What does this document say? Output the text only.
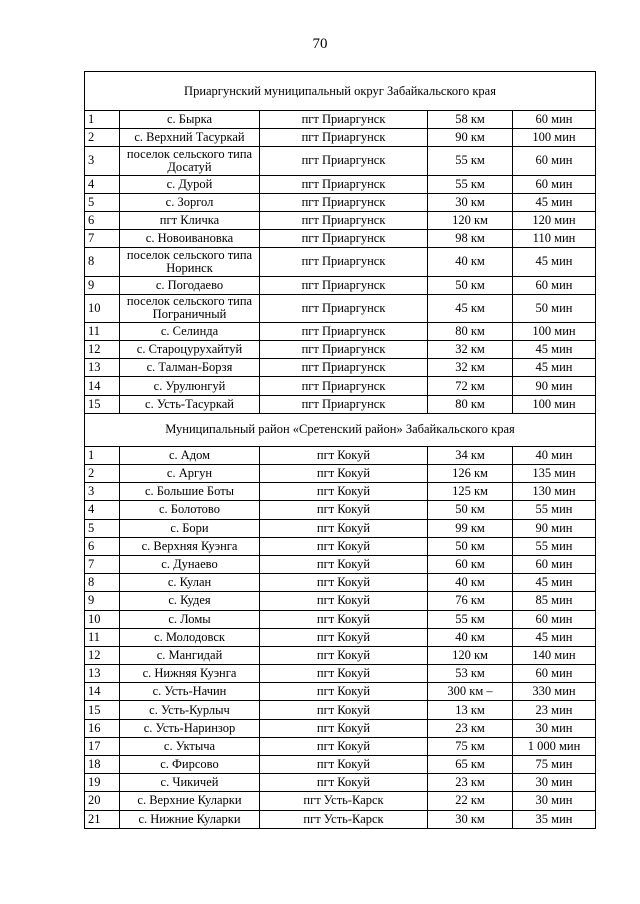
70
Приаргунский муниципальный округ Забайкальского края				
1	с. Бырка	пгт Приаргунск	58 км	60 мин
2	с. Верхний Тасуркай	пгт Приаргунск	90 км	100 мин
3	поселок сельского типа Досатуй	пгт Приаргунск	55 км	60 мин
4	с. Дурой	пгт Приаргунск	55 км	60 мин
5	с. Зоргол	пгт Приаргунск	30 км	45 мин
6	пгт Кличка	пгт Приаргунск	120 км	120 мин
7	с. Новоивановка	пгт Приаргунск	98 км	110 мин
8	поселок сельского типа Норинск	пгт Приаргунск	40 км	45 мин
9	с. Погодаево	пгт Приаргунск	50 км	60 мин
10	поселок сельского типа Пограничный	пгт Приаргунск	45 км	50 мин
11	с. Селинда	пгт Приаргунск	80 км	100 мин
12	с. Староцурухайтуй	пгт Приаргунск	32 км	45 мин
13	с. Талман-Борзя	пгт Приаргунск	32 км	45 мин
14	с. Урулюнгуй	пгт Приаргунск	72 км	90 мин
15	с. Усть-Тасуркай	пгт Приаргунск	80 км	100 мин
Муниципальный район «Сретенский район» Забайкальского края				
1	с. Адом	пгт Кокуй	34 км	40 мин
2	с. Аргун	пгт Кокуй	126 км	135 мин
3	с. Большие Боты	пгт Кокуй	125 км	130 мин
4	с. Болотово	пгт Кокуй	50 км	55 мин
5	с. Бори	пгт Кокуй	99 км	90 мин
6	с. Верхняя Куэнга	пгт Кокуй	50 км	55 мин
7	с. Дунаево	пгт Кокуй	60 км	60 мин
8	с. Кулан	пгт Кокуй	40 км	45 мин
9	с. Кудея	пгт Кокуй	76 км	85 мин
10	с. Ломы	пгт Кокуй	55 км	60 мин
11	с. Молодовск	пгт Кокуй	40 км	45 мин
12	с. Мангидай	пгт Кокуй	120 км	140 мин
13	с. Нижняя Куэнга	пгт Кокуй	53 км	60 мин
14	с. Усть-Начин	пгт Кокуй	300 км –	330 мин
15	с. Усть-Курлыч	пгт Кокуй	13 км	23 мин
16	с. Усть-Наринзор	пгт Кокуй	23 км	30 мин
17	с. Уктыча	пгт Кокуй	75 км	1 000 мин
18	с. Фирсово	пгт Кокуй	65 км	75 мин
19	с. Чикичей	пгт Кокуй	23 км	30 мин
20	с. Верхние Куларки	пгт Усть-Карск	22 км	30 мин
21	с. Нижние Куларки	пгт Усть-Карск	30 км	35 мин
